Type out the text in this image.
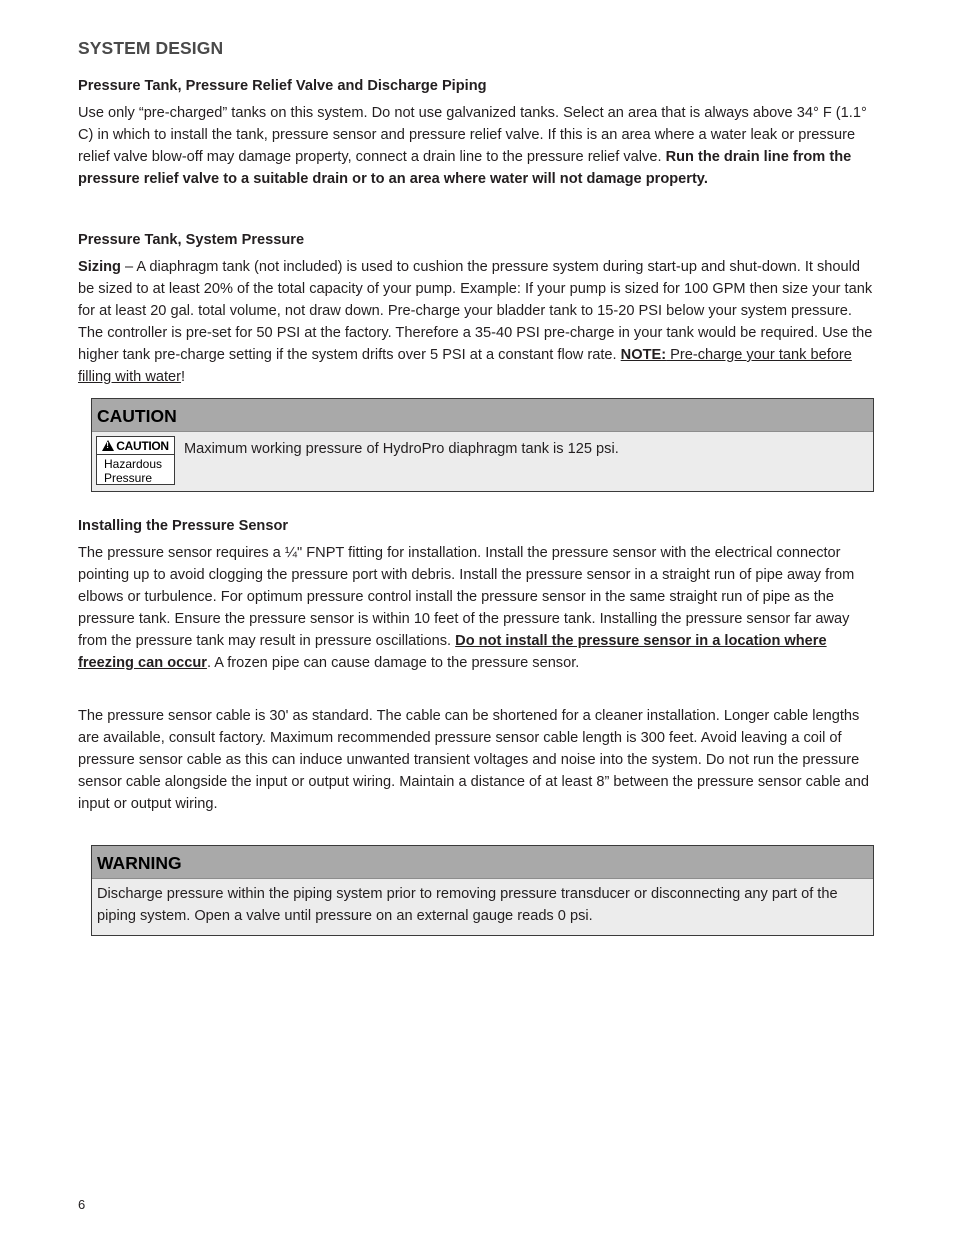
SYSTEM DESIGN
Pressure Tank, Pressure Relief Valve and Discharge Piping

Use only “pre-charged” tanks on this system. Do not use galvanized tanks. Select an area that is always above 34° F (1.1° C) in which to install the tank, pressure sensor and pressure relief valve. If this is an area where a water leak or pressure relief valve blow-off may damage property, connect a drain line to the pressure relief valve. Run the drain line from the pressure relief valve to a suitable drain or to an area where water will not damage property.

Pressure Tank, System Pressure

Sizing – A diaphragm tank (not included) is used to cushion the pressure system during start-up and shut-down. It should be sized to at least 20% of the total capacity of your pump. Example: If your pump is sized for 100 GPM then size your tank for at least 20 gal. total volume, not draw down. Pre-charge your bladder tank to 15-20 PSI below your system pressure. The controller is pre-set for 50 PSI at the factory. Therefore a 35-40 PSI pre-charge in your tank would be required. Use the higher tank pre-charge setting if the system drifts over 5 PSI at a constant flow rate. NOTE: Pre-charge your tank before filling with water!

CAUTION
!
CAUTION
Hazardous
Pressure
Maximum working pressure of HydroPro diaphragm tank is 125 psi.
Installing the Pressure Sensor

The pressure sensor requires a ¼" FNPT fitting for installation. Install the pressure sensor with the electrical connector pointing up to avoid clogging the pressure port with debris. Install the pressure sensor in a straight run of pipe away from elbows or turbulence. For optimum pressure control install the pressure sensor in the same straight run of pipe as the pressure tank. Ensure the pressure sensor is within 10 feet of the pressure tank. Installing the pressure sensor far away from the pressure tank may result in pressure oscillations. Do not install the pressure sensor in a location where freezing can occur. A frozen pipe can cause damage to the pressure sensor.

The pressure sensor cable is 30' as standard. The cable can be shortened for a cleaner installation. Longer cable lengths are available, consult factory. Maximum recommended pressure sensor cable length is 300 feet. Avoid leaving a coil of pressure sensor cable as this can induce unwanted transient voltages and noise into the system. Do not run the pressure sensor cable alongside the input or output wiring. Maintain a distance of at least 8” between the pressure sensor cable and input or output wiring.

WARNING
Discharge pressure within the piping system prior to removing pressure transducer or disconnecting any part of the piping system. Open a valve until pressure on an external gauge reads 0 psi.
6
